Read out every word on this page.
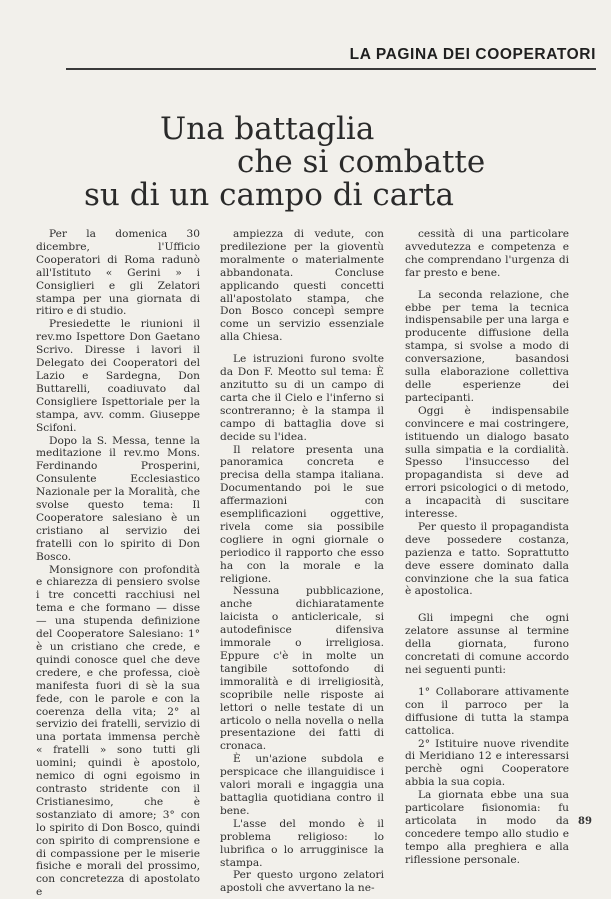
LA PAGINA DEI COOPERATORI
Una battaglia
che si combatte
su di un campo di carta

Per la domenica 30 dicembre, l'Ufficio Cooperatori di Roma radunò all'Istituto « Gerini » i Consiglieri e gli Zelatori stampa per una giornata di ritiro e di studio.

Presiedette le riunioni il rev.mo Ispettore Don Gaetano Scrivo. Diresse i lavori il Delegato dei Cooperatori del Lazio e Sardegna, Don Buttarelli, coadiuvato dal Consigliere Ispettoriale per la stampa, avv. comm. Giuseppe Scifoni.

Dopo la S. Messa, tenne la meditazione il rev.mo Mons. Ferdinando Prosperini, Consulente Ecclesiastico Nazionale per la Moralità, che svolse questo tema: Il Cooperatore salesiano è un cristiano al servizio dei fratelli con lo spirito di Don Bosco.

Monsignore con profondità e chiarezza di pensiero svolse i tre concetti racchiusi nel tema e che formano — disse — una stupenda definizione del Cooperatore Salesiano: 1° è un cristiano che crede, e quindi conosce quel che deve credere, e che professa, cioè manifesta fuori di sè la sua fede, con le parole e con la coerenza della vita; 2° al servizio dei fratelli, servizio di una portata immensa perchè « fratelli » sono tutti gli uomini; quindi è apostolo, nemico di ogni egoismo in contrasto stridente con il Cristianesimo, che è sostanziato di amore; 3° con lo spirito di Don Bosco, quindi con spirito di comprensione e di compassione per le miserie fisiche e morali del prossimo, con concretezza di apostolato e

ampiezza di vedute, con predilezione per la gioventù moralmente o materialmente abbandonata. Concluse applicando questi concetti all'apostolato stampa, che Don Bosco concepì sempre come un servizio essenziale alla Chiesa.

Le istruzioni furono svolte da Don F. Meotto sul tema: È anzitutto su di un campo di carta che il Cielo e l'inferno si scontreranno; è la stampa il campo di battaglia dove si decide su l'idea.

Il relatore presenta una panoramica concreta e precisa della stampa italiana. Documentando poi le sue affermazioni con esemplificazioni oggettive, rivela come sia possibile cogliere in ogni giornale o periodico il rapporto che esso ha con la morale e la religione.

Nessuna pubblicazione, anche dichiaratamente laicista o anticlericale, si autodefinisce difensiva immorale o irreligiosa. Eppure c'è in molte un tangibile sottofondo di immoralità e di irreligiosità, scopribile nelle risposte ai lettori o nelle testate di un articolo o nella novella o nella presentazione dei fatti di cronaca.

È un'azione subdola e perspicace che illanguidisce i valori morali e ingaggia una battaglia quotidiana contro il bene.

L'asse del mondo è il problema religioso: lo lubrifica o lo arrugginisce la stampa.

Per questo urgono zelatori apostoli che avvertano la ne-

cessità di una particolare avvedutezza e competenza e che comprendano l'urgenza di far presto e bene.

La seconda relazione, che ebbe per tema la tecnica indispensabile per una larga e producente diffusione della stampa, si svolse a modo di conversazione, basandosi sulla elaborazione collettiva delle esperienze dei partecipanti.

Oggi è indispensabile convincere e mai costringere, istituendo un dialogo basato sulla simpatia e la cordialità. Spesso l'insuccesso del propagandista si deve ad errori psicologici o di metodo, a incapacità di suscitare interesse.

Per questo il propagandista deve possedere costanza, pazienza e tatto. Soprattutto deve essere dominato dalla convinzione che la sua fatica è apostolica.

Gli impegni che ogni zelatore assunse al termine della giornata, furono concretati di comune accordo nei seguenti punti:

1° Collaborare attivamente con il parroco per la diffusione di tutta la stampa cattolica.

2° Istituire nuove rivendite di Meridiano 12 e interessarsi perchè ogni Cooperatore abbia la sua copia.

La giornata ebbe una sua particolare fisionomia: fu articolata in modo da concedere tempo allo studio e tempo alla preghiera e alla riflessione personale.

89
